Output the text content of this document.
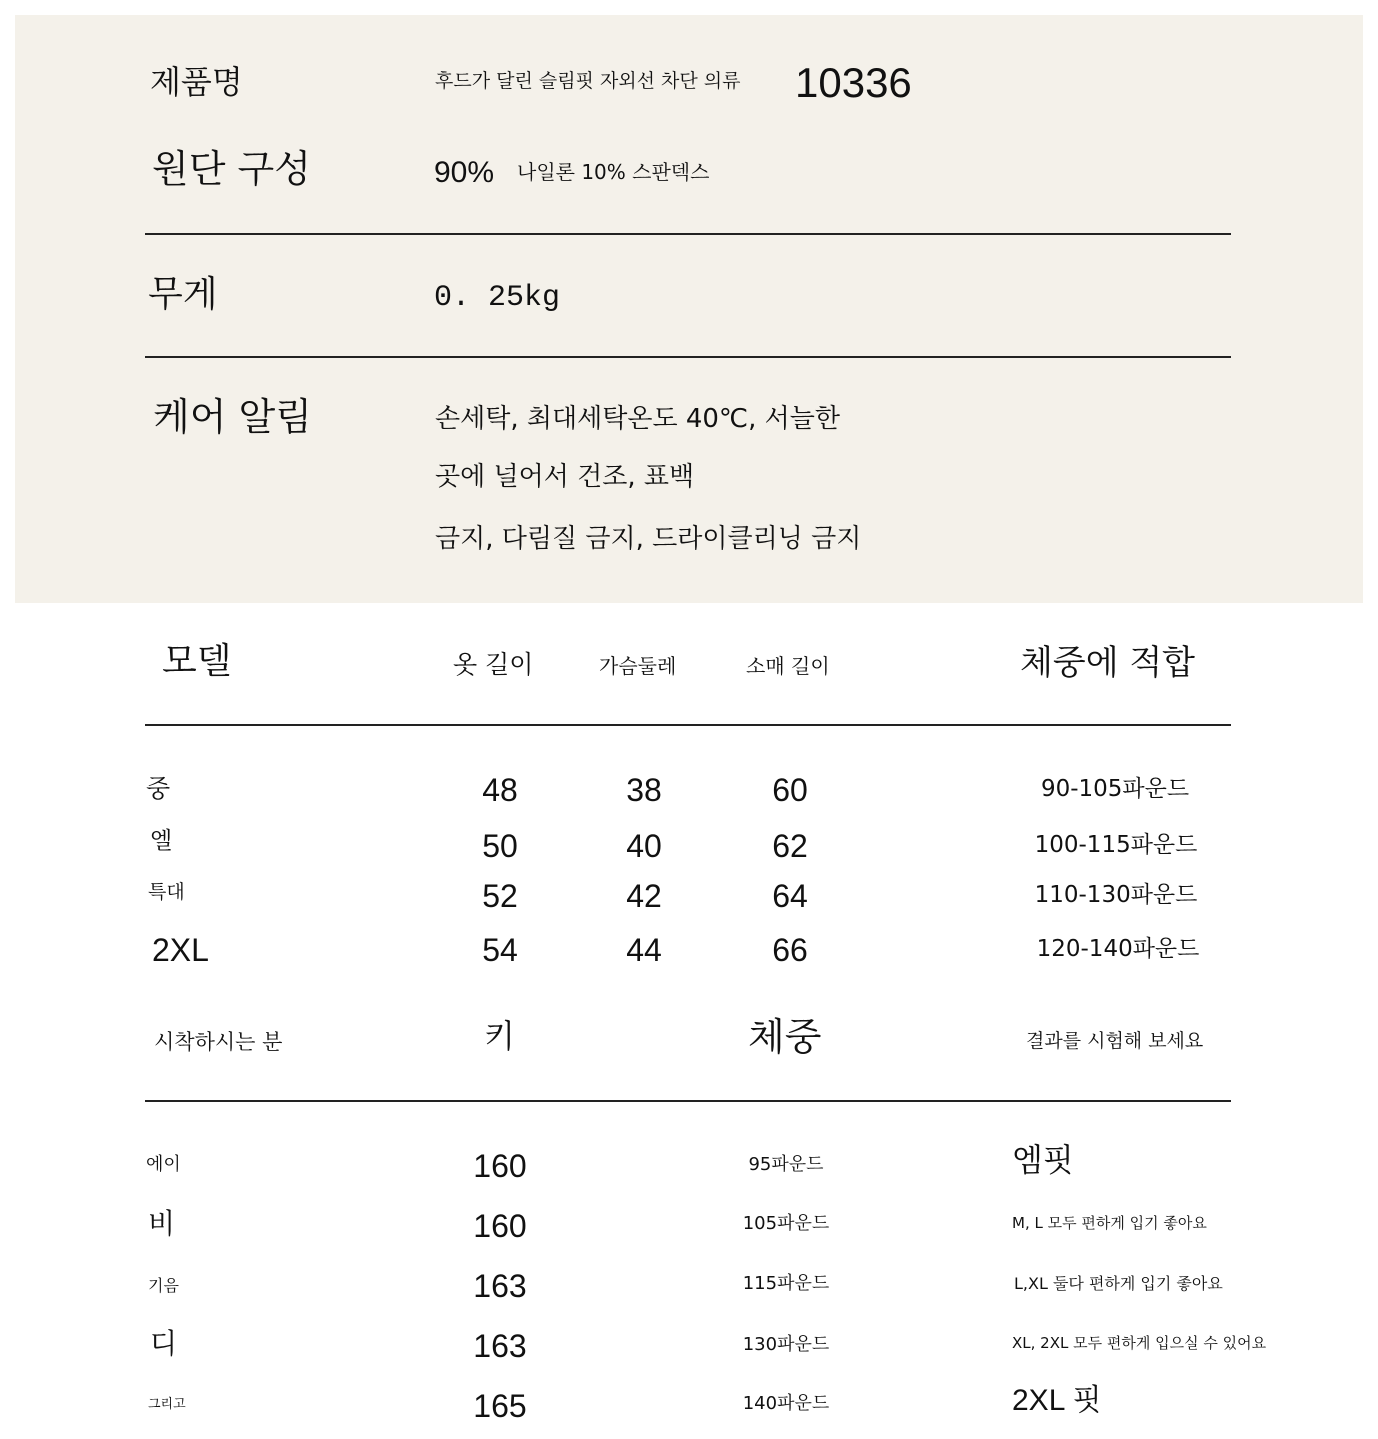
제품명	후드가 달린 슬림핏 자외선 차단 의류 10336
원단 구성	90% 나일론 10% 스판덱스
무게	0. 25kg
케어 알림	손세탁, 최대세탁온도 40℃, 서늘한
곳에 널어서 건조, 표백
금지, 다림질 금지, 드라이클리닝 금지
모델	옷 길이	가슴둘레	소매 길이	체중에 적합
중	48	38	60	90-105파운드
엘	50	40	62	100-115파운드
특대	52	42	64	110-130파운드
2XL	54	44	66	120-140파운드
시착하시는 분	키	체중	결과를 시험해 보세요
에이	160	95파운드	엠핏
비	160	105파운드	M, L 모두 편하게 입기 좋아요
기음	163	115파운드	L,XL 둘다 편하게 입기 좋아요
디	163	130파운드	XL, 2XL 모두 편하게 입으실 수 있어요
그리고	165	140파운드	2XL 핏
